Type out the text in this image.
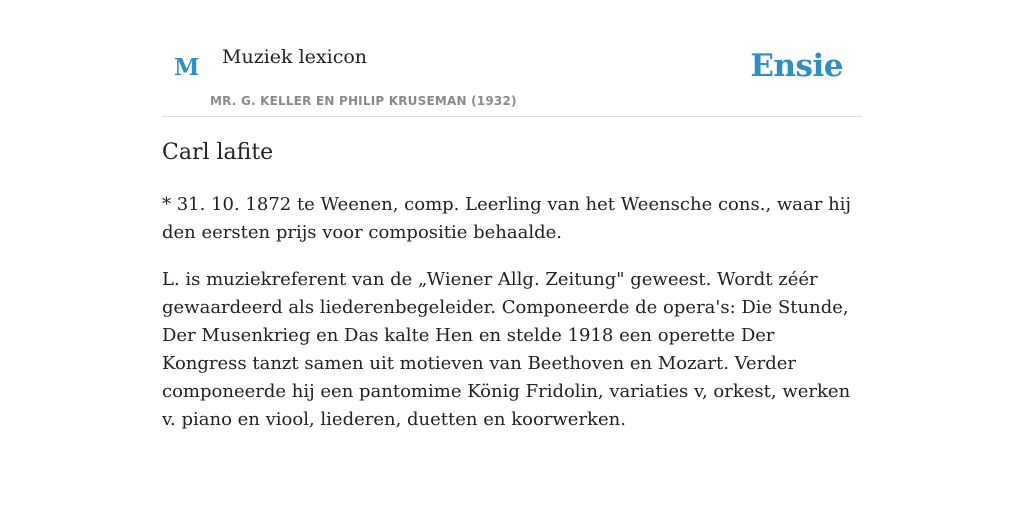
M Muziek lexicon
MR. G. KELLER EN PHILIP KRUSEMAN (1932)
Ensie
Carl lafite

* 31. 10. 1872 te Weenen, comp. Leerling van het Weensche cons., waar hij den eersten prijs voor compositie behaalde.

L. is muziekreferent van de „Wiener Allg. Zeitung" geweest. Wordt zéér gewaardeerd als liederenbegeleider. Componeerde de opera's: Die Stunde, Der Musenkrieg en Das kalte Hen en stelde 1918 een operette Der Kongress tanzt samen uit motieven van Beethoven en Mozart. Verder componeerde hij een pantomime König Fridolin, variaties v, orkest, werken v. piano en viool, liederen, duetten en koorwerken.
